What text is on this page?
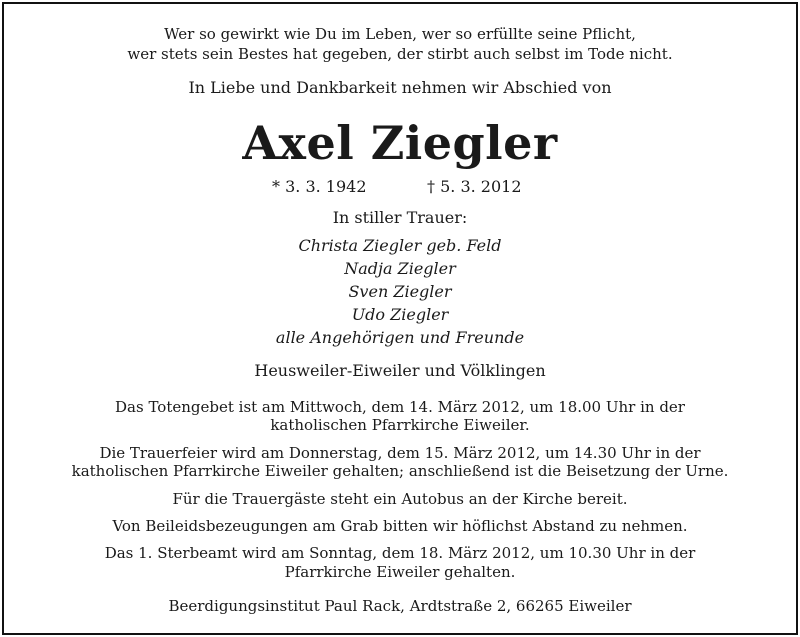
Wer so gewirkt wie Du im Leben, wer so erfüllte seine Pflicht,
wer stets sein Bestes hat gegeben, der stirbt auch selbst im Tode nicht.
In Liebe und Dankbarkeit nehmen wir Abschied von
Axel Ziegler
* 3. 3. 1942	† 5. 3. 2012
In stiller Trauer:
Christa Ziegler geb. Feld
Nadja Ziegler
Sven Ziegler
Udo Ziegler
alle Angehörigen und Freunde
Heusweiler-Eiweiler und Völklingen
Das Totengebet ist am Mittwoch, dem 14. März 2012, um 18.00 Uhr in der
katholischen Pfarrkirche Eiweiler.
Die Trauerfeier wird am Donnerstag, dem 15. März 2012, um 14.30 Uhr in der
katholischen Pfarrkirche Eiweiler gehalten; anschließend ist die Beisetzung der Urne.
Für die Trauergäste steht ein Autobus an der Kirche bereit.
Von Beileidsbezeugungen am Grab bitten wir höflichst Abstand zu nehmen.
Das 1. Sterbeamt wird am Sonntag, dem 18. März 2012, um 10.30 Uhr in der
Pfarrkirche Eiweiler gehalten.
Beerdigungsinstitut Paul Rack, Ardtstraße 2, 66265 Eiweiler
